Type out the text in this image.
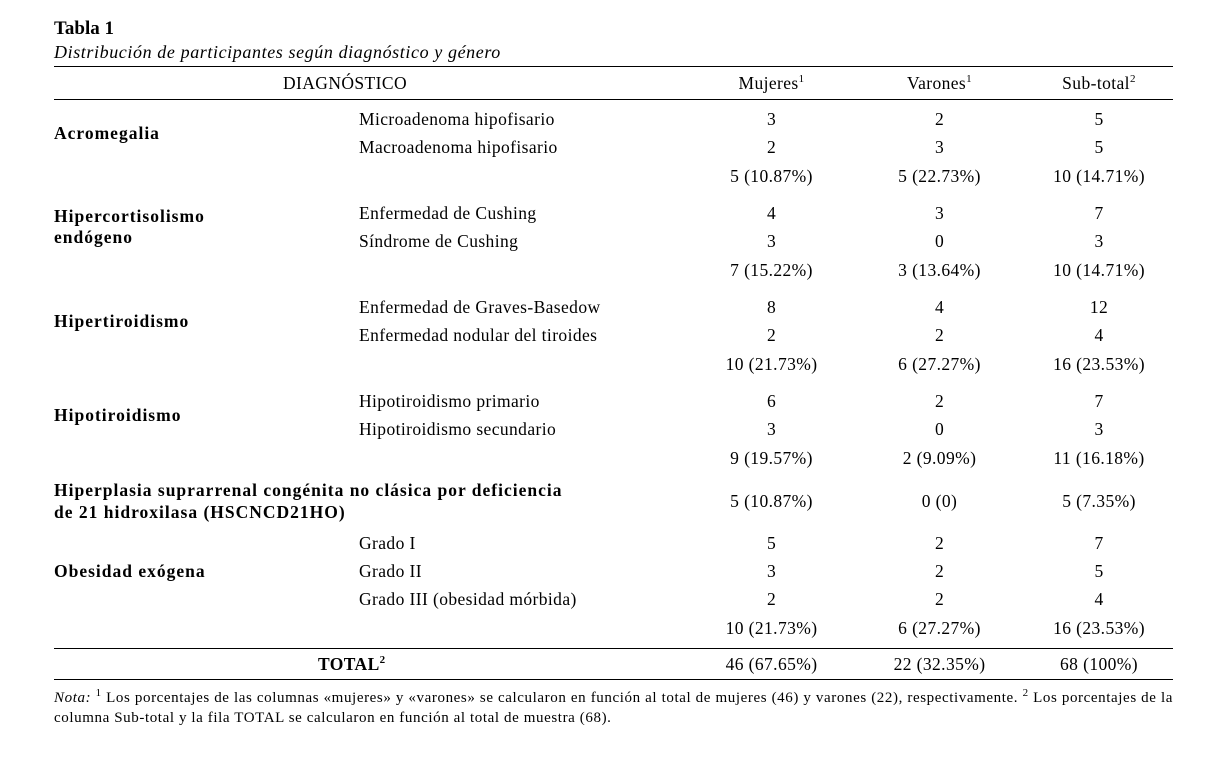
Tabla 1

Distribución de participantes según diagnóstico y género

DIAGNÓSTICO		Mujeres$^1$	Varones$^1$	Sub-total$^2$

Acromegalia	Microadenoma hipofisario	3	2	5
	Macroadenoma hipofisario	2	3	5
		5 (10.87%)	5 (22.73%)	10 (14.71%)

Hipercortisolismo
endógeno	Enfermedad de Cushing	4	3	7
	Síndrome de Cushing	3	0	3
		7 (15.22%)	3 (13.64%)	10 (14.71%)

Hipertiroidismo	Enfermedad de Graves-Basedow	8	4	12
	Enfermedad nodular del tiroides	2	2	4
		10 (21.73%)	6 (27.27%)	16 (23.53%)

Hipotiroidismo	Hipotiroidismo primario	6	2	7
	Hipotiroidismo secundario	3	0	3
		9 (19.57%)	2 (9.09%)	11 (16.18%)

Hiperplasia suprarrenal congénita no clásica por deficiencia
de 21 hidroxilasa (HSCNCD21HO)		5 (10.87%)	0 (0)	5 (7.35%)

Obesidad exógena	Grado I	5	2	7
	Grado II	3	2	5
	Grado III (obesidad mórbida)	2	2	4
		10 (21.73%)	6 (27.27%)	16 (23.53%)

TOTAL$^2$		46 (67.65%)	22 (32.35%)	68 (100%)
Nota: $^1$ Los porcentajes de las columnas «mujeres» y «varones» se calcularon en función al total de mujeres (46) y varones (22), respectivamente. $^2$ Los porcentajes de la columna Sub-total y la fila TOTAL se calcularon en función al total de muestra (68).
